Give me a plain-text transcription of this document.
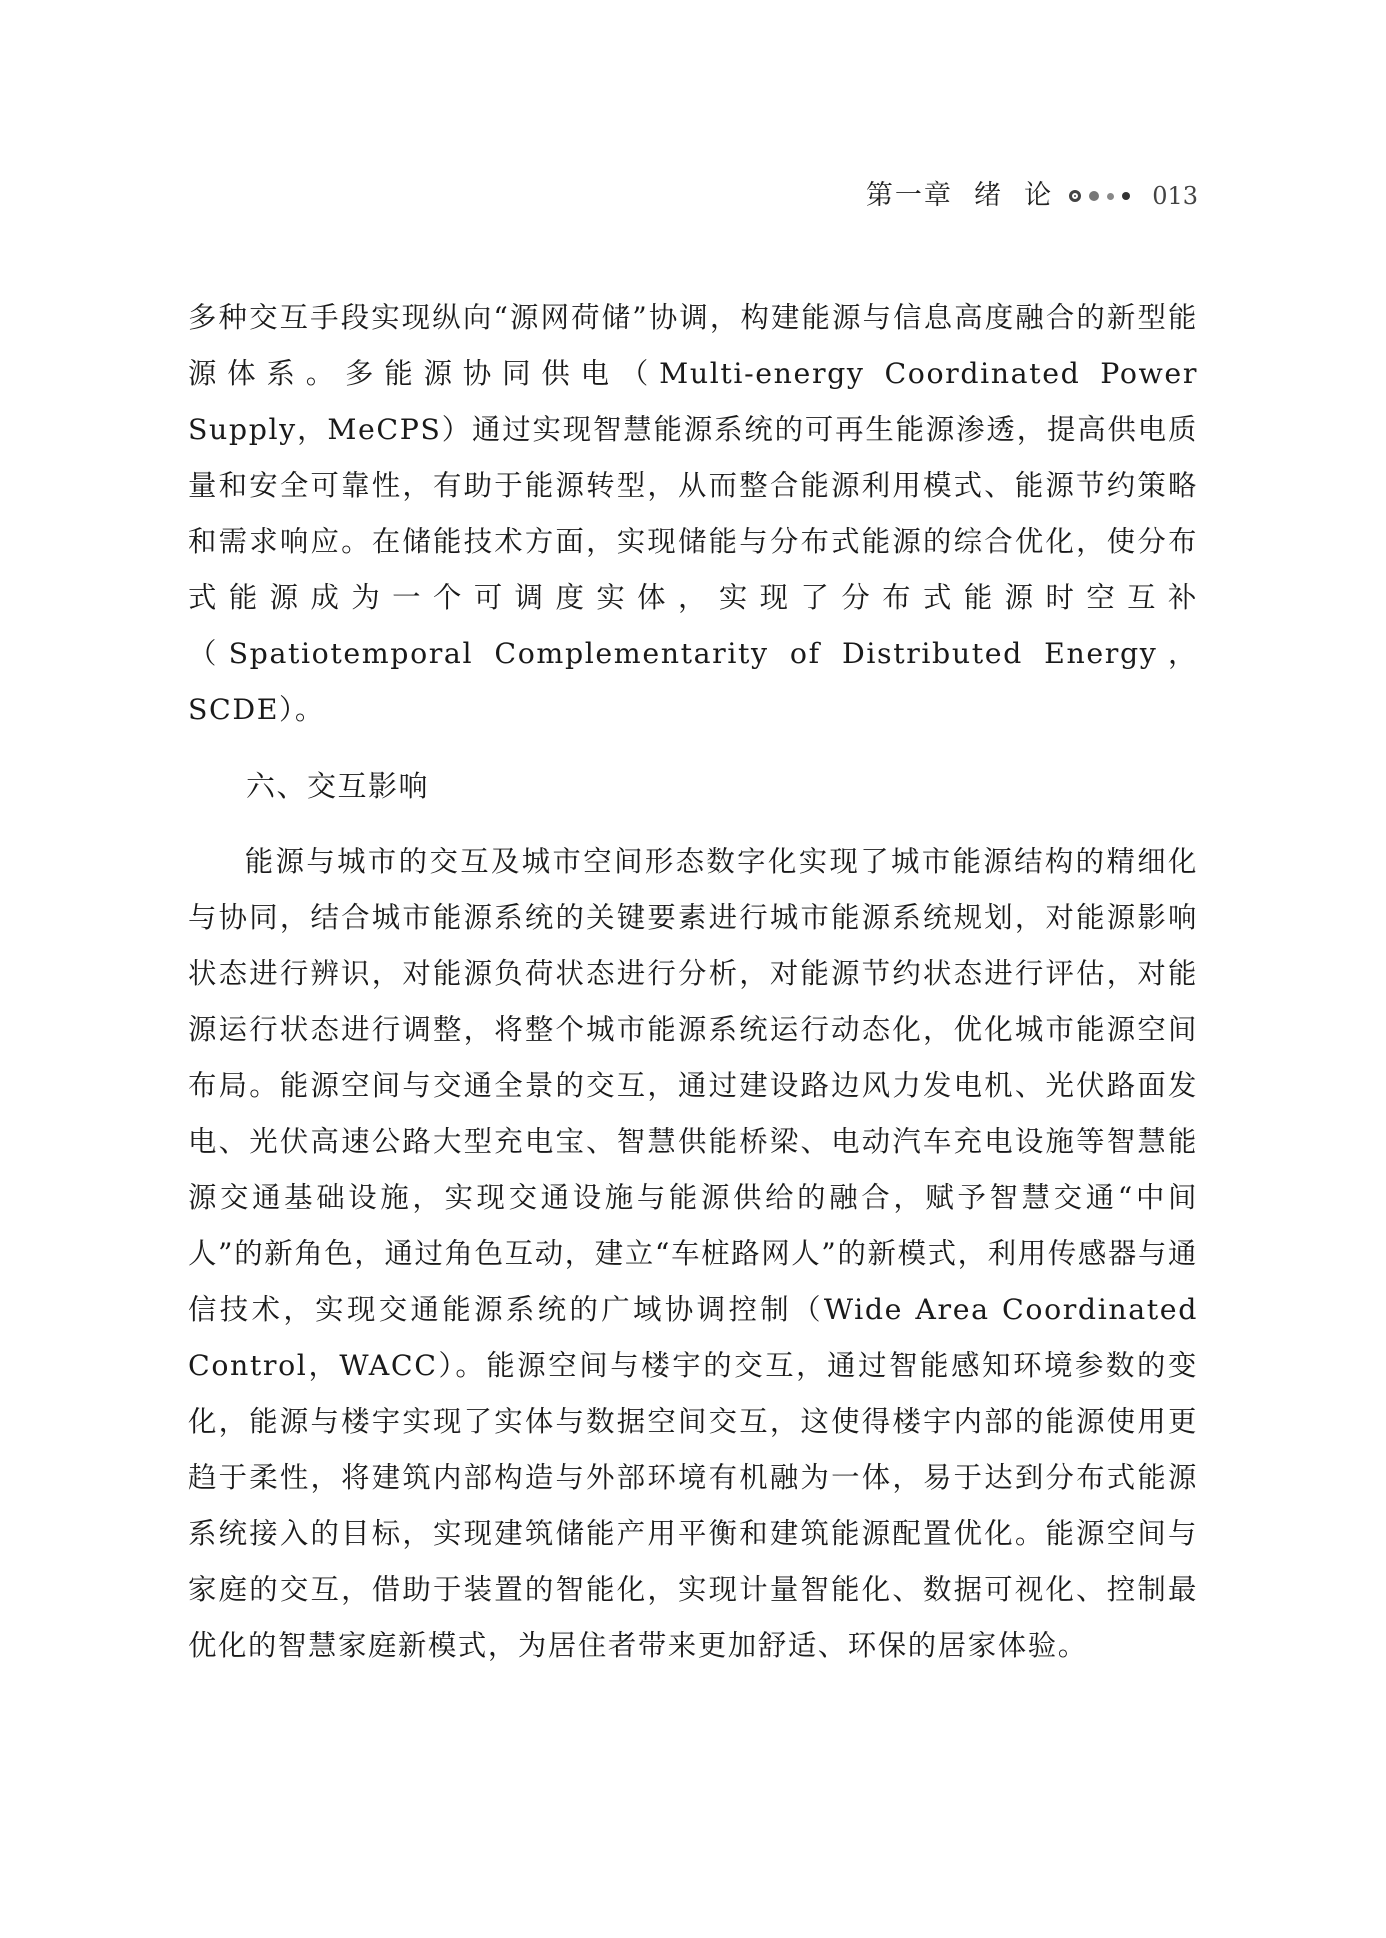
第一章  绪  论	013

多种交互手段实现纵向“源网荷储”协调，构建能源与信息高度融合的新型能源体系。多能源协同供电（Multi-energy Coordinated Power Supply，MeCPS）通过实现智慧能源系统的可再生能源渗透，提高供电质量和安全可靠性，有助于能源转型，从而整合能源利用模式、能源节约策略和需求响应。在储能技术方面，实现储能与分布式能源的综合优化，使分布式能源成为一个可调度实体，实现了分布式能源时空互补（Spatiotemporal Complementarity of Distributed Energy，SCDE）。

六、交互影响

能源与城市的交互及城市空间形态数字化实现了城市能源结构的精细化与协同，结合城市能源系统的关键要素进行城市能源系统规划，对能源影响状态进行辨识，对能源负荷状态进行分析，对能源节约状态进行评估，对能源运行状态进行调整，将整个城市能源系统运行动态化，优化城市能源空间布局。能源空间与交通全景的交互，通过建设路边风力发电机、光伏路面发电、光伏高速公路大型充电宝、智慧供能桥梁、电动汽车充电设施等智慧能源交通基础设施，实现交通设施与能源供给的融合，赋予智慧交通“中间人”的新角色，通过角色互动，建立“车桩路网人”的新模式，利用传感器与通信技术，实现交通能源系统的广域协调控制（Wide Area Coordinated Control，WACC）。能源空间与楼宇的交互，通过智能感知环境参数的变化，能源与楼宇实现了实体与数据空间交互，这使得楼宇内部的能源使用更趋于柔性，将建筑内部构造与外部环境有机融为一体，易于达到分布式能源系统接入的目标，实现建筑储能产用平衡和建筑能源配置优化。能源空间与家庭的交互，借助于装置的智能化，实现计量智能化、数据可视化、控制最优化的智慧家庭新模式，为居住者带来更加舒适、环保的居家体验。
